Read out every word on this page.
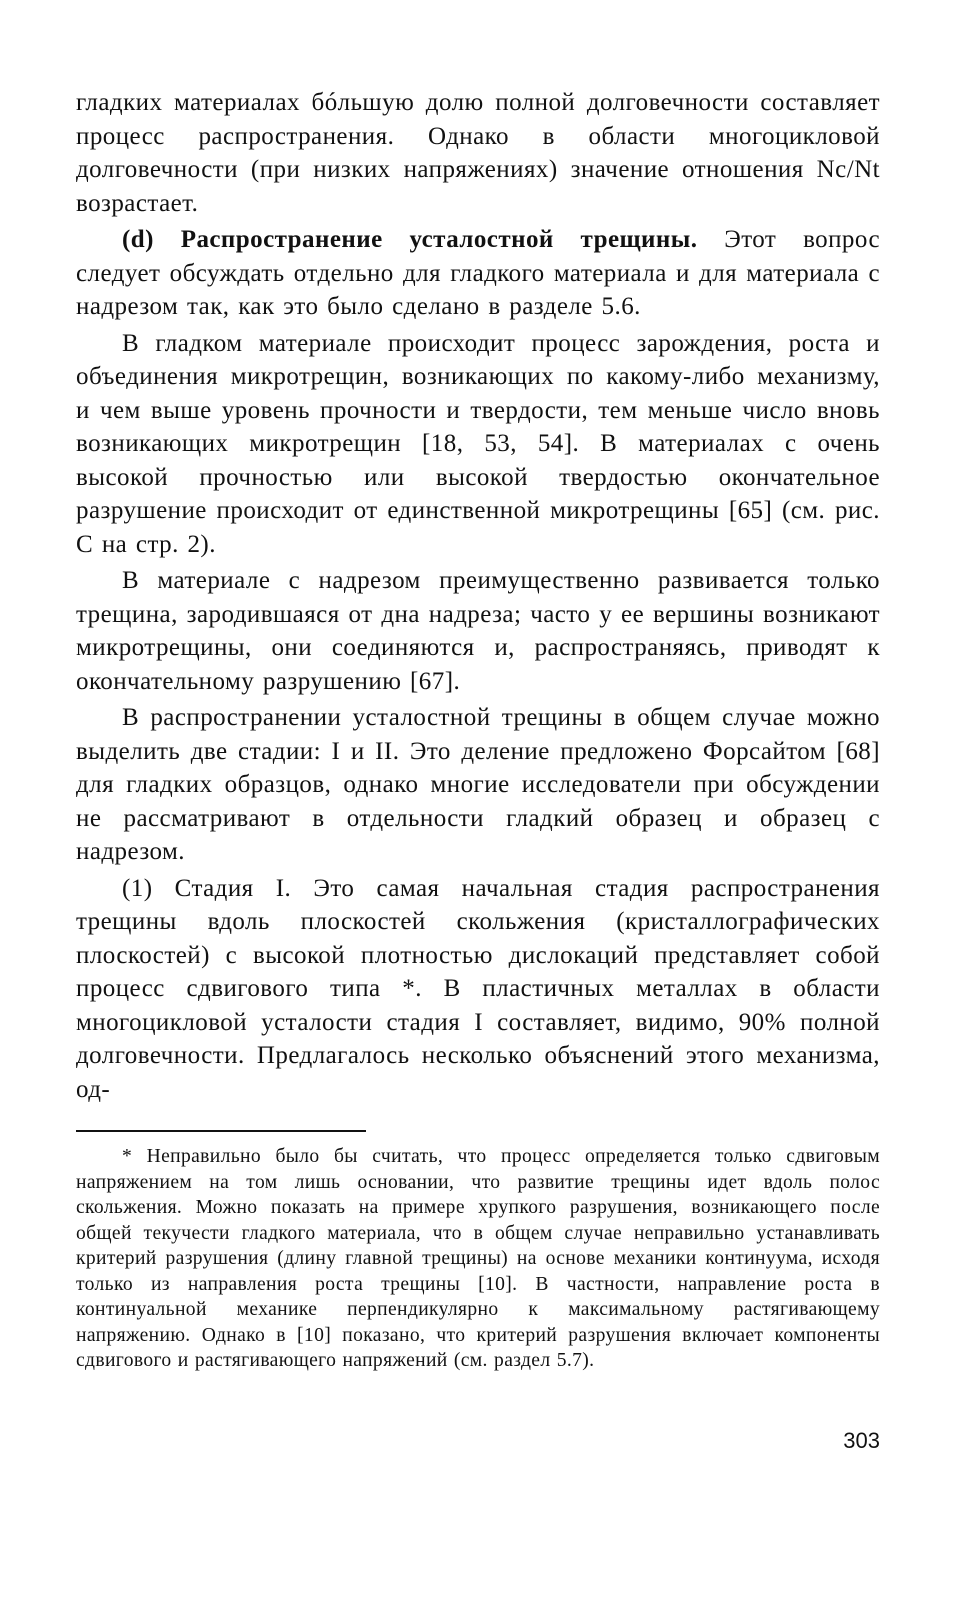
гладких материалах бóльшую долю полной долговечности составляет процесс распространения. Однако в области многоцикловой долговечности (при низких напряжениях) значение отношения Nc/Nt возрастает.

(d) Распространение усталостной трещины. Этот вопрос следует обсуждать отдельно для гладкого материала и для материала с надрезом так, как это было сделано в разделе 5.6.

В гладком материале происходит процесс зарождения, роста и объединения микротрещин, возникающих по какому-либо механизму, и чем выше уровень прочности и твердости, тем меньше число вновь возникающих микротрещин [18, 53, 54]. В материалах с очень высокой прочностью или высокой твердостью окончательное разрушение происходит от единственной микротрещины [65] (см. рис. С на стр. 2).

В материале с надрезом преимущественно развивается только трещина, зародившаяся от дна надреза; часто у ее вершины возникают микротрещины, они соединяются и, распространяясь, приводят к окончательному разрушению [67].

В распространении усталостной трещины в общем случае можно выделить две стадии: I и II. Это деление предложено Форсайтом [68] для гладких образцов, однако многие исследователи при обсуждении не рассматривают в отдельности гладкий образец и образец с надрезом.

(1) Стадия I. Это самая начальная стадия распространения трещины вдоль плоскостей скольжения (кристаллографических плоскостей) с высокой плотностью дислокаций представляет собой процесс сдвигового типа *. В пластичных металлах в области многоцикловой усталости стадия I составляет, видимо, 90% полной долговечности. Предлагалось несколько объяснений этого механизма, од-

* Неправильно было бы считать, что процесс определяется только сдвиговым напряжением на том лишь основании, что развитие трещины идет вдоль полос скольжения. Можно показать на примере хрупкого разрушения, возникающего после общей текучести гладкого материала, что в общем случае неправильно устанавливать критерий разрушения (длину главной трещины) на основе механики континуума, исходя только из направления роста трещины [10]. В частности, направление роста в континуальной механике перпендикулярно к максимальному растягивающему напряжению. Однако в [10] показано, что критерий разрушения включает компоненты сдвигового и растягивающего напряжений (см. раздел 5.7).

303
